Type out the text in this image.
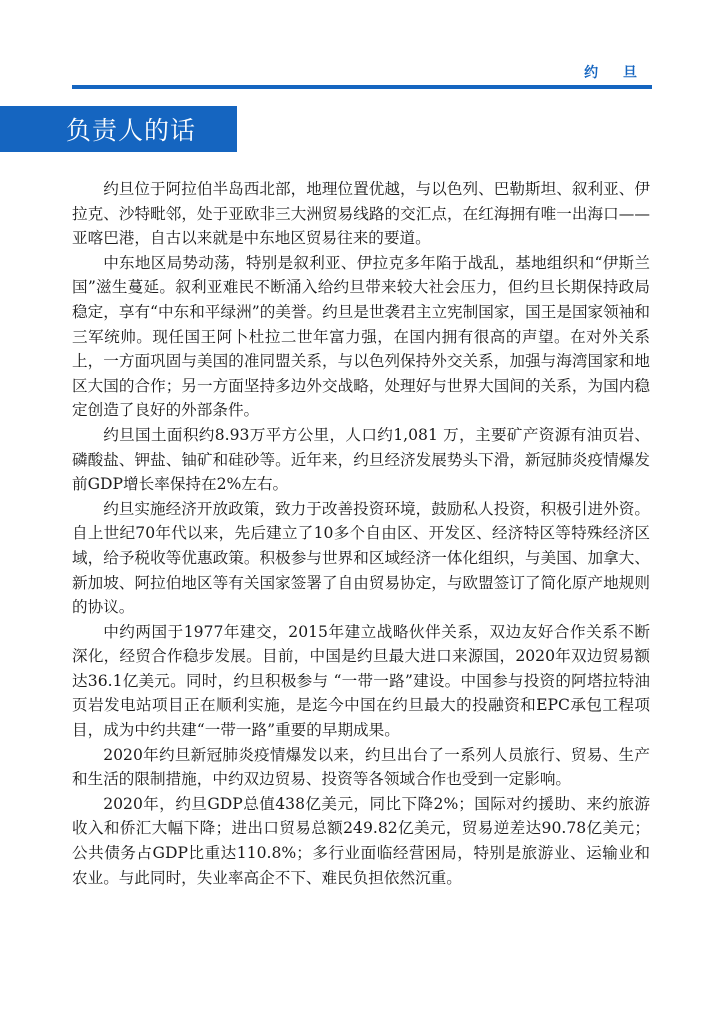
约 旦
负责人的话

约旦位于阿拉伯半岛西北部，地理位置优越，与以色列、巴勒斯坦、叙利亚、伊拉克、沙特毗邻，处于亚欧非三大洲贸易线路的交汇点，在红海拥有唯一出海口——亚喀巴港，自古以来就是中东地区贸易往来的要道。

中东地区局势动荡，特别是叙利亚、伊拉克多年陷于战乱，基地组织和“伊斯兰国”滋生蔓延。叙利亚难民不断涌入给约旦带来较大社会压力，但约旦长期保持政局稳定，享有“中东和平绿洲”的美誉。约旦是世袭君主立宪制国家，国王是国家领袖和三军统帅。现任国王阿卜杜拉二世年富力强，在国内拥有很高的声望。在对外关系上，一方面巩固与美国的准同盟关系，与以色列保持外交关系，加强与海湾国家和地区大国的合作；另一方面坚持多边外交战略，处理好与世界大国间的关系，为国内稳定创造了良好的外部条件。

约旦国土面积约8.93万平方公里，人口约1,081 万，主要矿产资源有油页岩、磷酸盐、钾盐、铀矿和硅砂等。近年来，约旦经济发展势头下滑，新冠肺炎疫情爆发前GDP增长率保持在2%左右。

约旦实施经济开放政策，致力于改善投资环境，鼓励私人投资，积极引进外资。自上世纪70年代以来，先后建立了10多个自由区、开发区、经济特区等特殊经济区域，给予税收等优惠政策。积极参与世界和区域经济一体化组织，与美国、加拿大、新加坡、阿拉伯地区等有关国家签署了自由贸易协定，与欧盟签订了简化原产地规则的协议。

中约两国于1977年建交，2015年建立战略伙伴关系，双边友好合作关系不断深化，经贸合作稳步发展。目前，中国是约旦最大进口来源国，2020年双边贸易额达36.1亿美元。同时，约旦积极参与 “一带一路”建设。中国参与投资的阿塔拉特油页岩发电站项目正在顺利实施，是迄今中国在约旦最大的投融资和EPC承包工程项目，成为中约共建“一带一路”重要的早期成果。

2020年约旦新冠肺炎疫情爆发以来，约旦出台了一系列人员旅行、贸易、生产和生活的限制措施，中约双边贸易、投资等各领域合作也受到一定影响。

2020年，约旦GDP总值438亿美元，同比下降2%；国际对约援助、来约旅游收入和侨汇大幅下降；进出口贸易总额249.82亿美元，贸易逆差达90.78亿美元；公共债务占GDP比重达110.8%；多行业面临经营困局，特别是旅游业、运输业和农业。与此同时，失业率高企不下、难民负担依然沉重。
